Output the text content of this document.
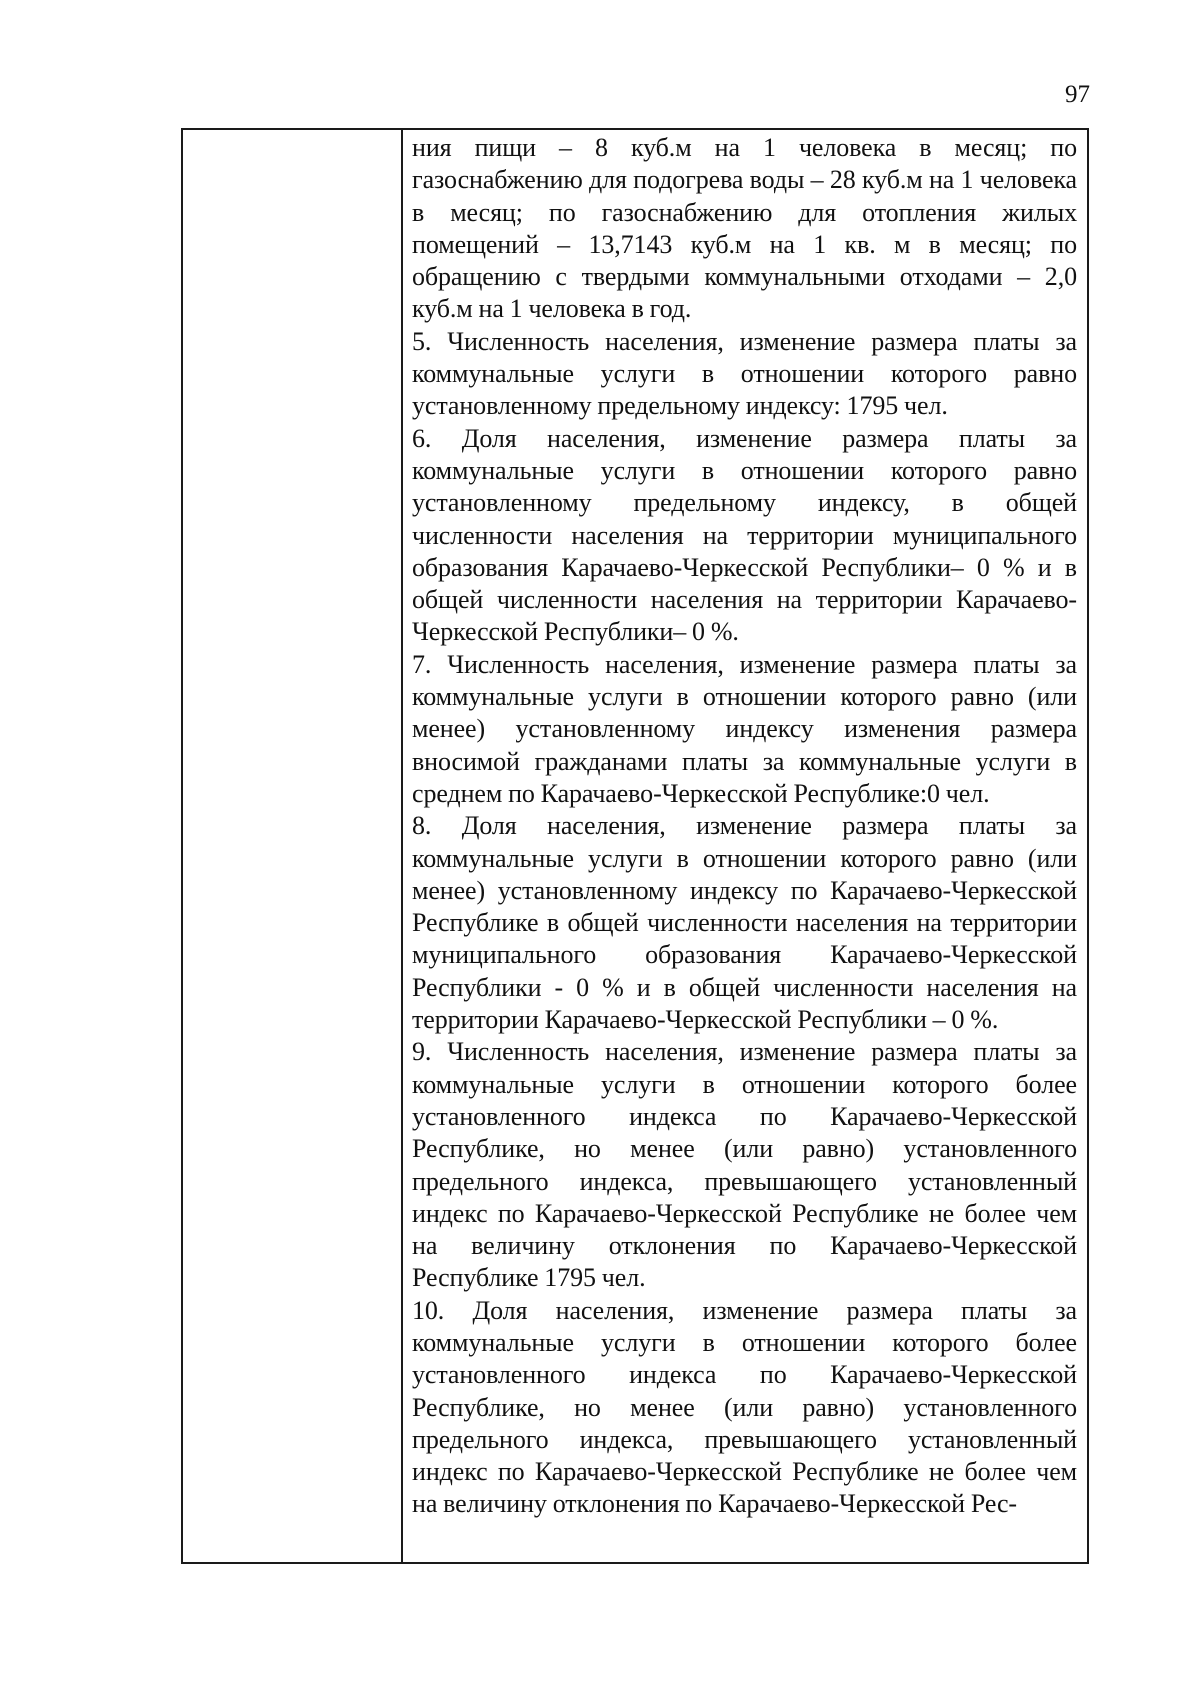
97

ния пищи – 8 куб.м на 1 человека в месяц; по газоснабжению для подогрева воды – 28 куб.м на 1 человека в месяц; по газоснабжению для отопления жилых помещений – 13,7143 куб.м на 1 кв. м в месяц; по обращению с твердыми коммунальными отходами – 2,0 куб.м на 1 человека в год.

5. Численность населения, изменение размера платы за коммунальные услуги в отношении которого равно установленному предельному индексу: 1795 чел.

6. Доля населения, изменение размера платы за коммунальные услуги в отношении которого равно установленному предельному индексу, в общей численности населения на территории муниципального образования Карачаево-Черкесской Республики– 0 % и в общей численности населения на территории Карачаево-Черкесской Республики– 0 %.

7. Численность населения, изменение размера платы за коммунальные услуги в отношении которого равно (или менее) установленному индексу изменения размера вносимой гражданами платы за коммунальные услуги в среднем по Карачаево-Черкесской Республике:0 чел.

8. Доля населения, изменение размера платы за коммунальные услуги в отношении которого равно (или менее) установленному индексу по Карачаево-Черкесской Республике в общей численности населения на территории муниципального образования Карачаево-Черкесской Республики - 0 % и в общей численности населения на территории Карачаево-Черкесской Республики – 0 %.

9. Численность населения, изменение размера платы за коммунальные услуги в отношении которого более установленного индекса по Карачаево-Черкесской Республике, но менее (или равно) установленного предельного индекса, превышающего установленный индекс по Карачаево-Черкесской Республике не более чем на величину отклонения по Карачаево-Черкесской Республике 1795 чел.

10. Доля населения, изменение размера платы за коммунальные услуги в отношении которого более установленного индекса по Карачаево-Черкесской Республике, но менее (или равно) установленного предельного индекса, превышающего установленный индекс по Карачаево-Черкесской Республике не более чем на величину отклонения по Карачаево-Черкесской Рес-
